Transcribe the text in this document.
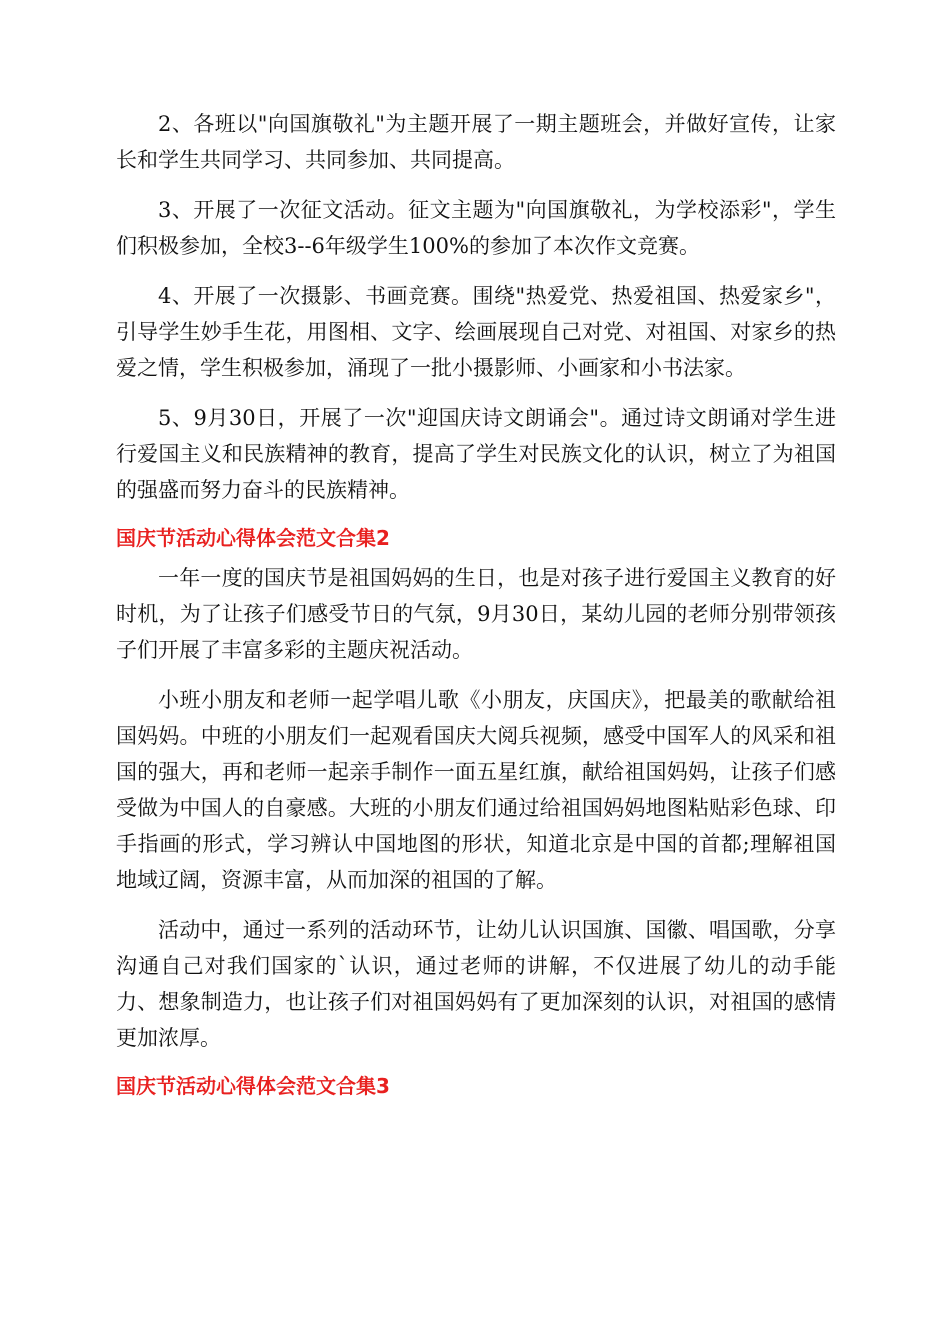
2、各班以"向国旗敬礼"为主题开展了一期主题班会，并做好宣传，让家长和学生共同学习、共同参加、共同提高。

3、开展了一次征文活动。征文主题为"向国旗敬礼，为学校添彩"，学生们积极参加，全校3--6年级学生100%的参加了本次作文竞赛。

4、开展了一次摄影、书画竞赛。围绕"热爱党、热爱祖国、热爱家乡"，引导学生妙手生花，用图相、文字、绘画展现自己对党、对祖国、对家乡的热爱之情，学生积极参加，涌现了一批小摄影师、小画家和小书法家。

5、9月30日，开展了一次"迎国庆诗文朗诵会"。通过诗文朗诵对学生进行爱国主义和民族精神的教育，提高了学生对民族文化的认识，树立了为祖国的强盛而努力奋斗的民族精神。

国庆节活动心得体会范文合集2

一年一度的国庆节是祖国妈妈的生日，也是对孩子进行爱国主义教育的好时机，为了让孩子们感受节日的气氛，9月30日，某幼儿园的老师分别带领孩子们开展了丰富多彩的主题庆祝活动。

小班小朋友和老师一起学唱儿歌《小朋友，庆国庆》，把最美的歌献给祖国妈妈。中班的小朋友们一起观看国庆大阅兵视频，感受中国军人的风采和祖国的强大，再和老师一起亲手制作一面五星红旗，献给祖国妈妈，让孩子们感受做为中国人的自豪感。大班的小朋友们通过给祖国妈妈地图粘贴彩色球、印手指画的形式，学习辨认中国地图的形状，知道北京是中国的首都;理解祖国地域辽阔，资源丰富，从而加深的祖国的了解。

活动中，通过一系列的活动环节，让幼儿认识国旗、国徽、唱国歌，分享沟通自己对我们国家的`认识，通过老师的讲解，不仅进展了幼儿的动手能力、想象制造力，也让孩子们对祖国妈妈有了更加深刻的认识，对祖国的感情更加浓厚。

国庆节活动心得体会范文合集3
